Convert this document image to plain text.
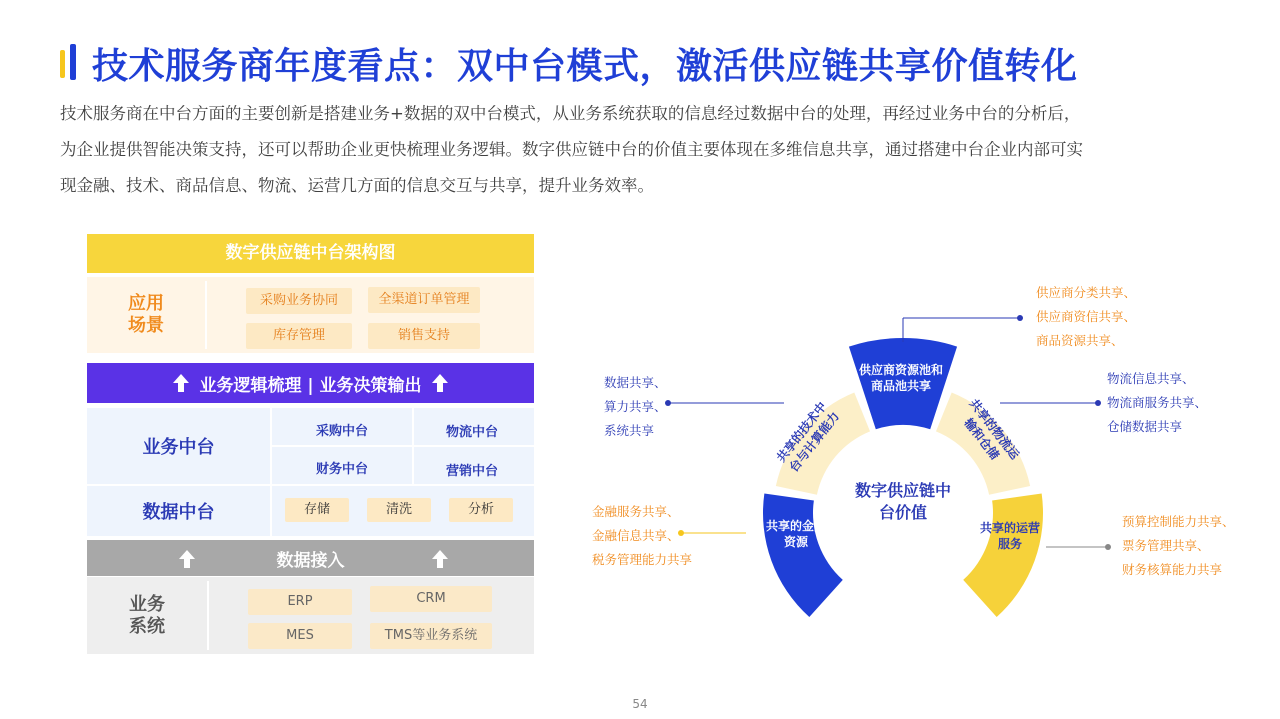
技术服务商年度看点：双中台模式，激活供应链共享价值转化

技术服务商在中台方面的主要创新是搭建业务+数据的双中台模式，从业务系统获取的信息经过数据中台的处理，再经过业务中台的分析后，

为企业提供智能决策支持，还可以帮助企业更快梳理业务逻辑。数字供应链中台的价值主要体现在多维信息共享，通过搭建中台企业内部可实

现金融、技术、商品信息、物流、运营几方面的信息交互与共享，提升业务效率。

数字供应链中台架构图
应用场景
采购业务协同	全渠道订单管理
库存管理	销售支持
业务逻辑梳理 | 业务决策输出
业务中台
采购中台	物流中台
财务中台	营销中台
数据中台	存储	清洗	分析
数据接入
业务系统
ERP	CRM
MES	TMS等业务系统
数字供应链中台价值
共享的金融资源
共享的技术中台与计算能力
供应商资源池和商品池共享
共享的物流运输和仓储
共享的运营服务
供应商分类共享、
供应商资信共享、
商品资源共享、
数据共享、
算力共享、
系统共享
物流信息共享、
物流商服务共享、
仓储数据共享
金融服务共享、
金融信息共享、
税务管理能力共享
预算控制能力共享、
票务管理共享、
财务核算能力共享
54
